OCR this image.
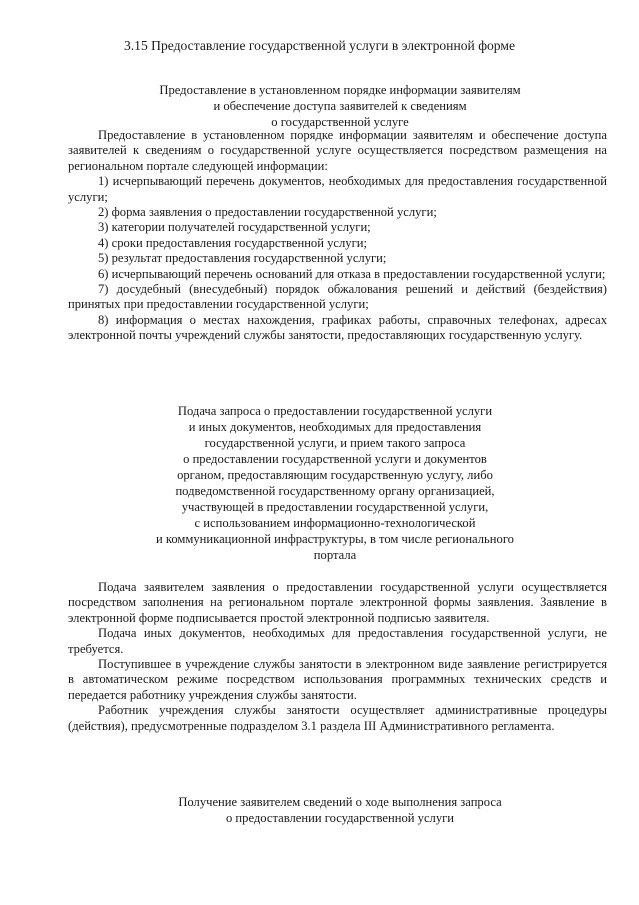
3.15 Предоставление государственной услуги в электронной форме
Предоставление в установленном порядке информации заявителям
и обеспечение доступа заявителей к сведениям
о государственной услуге

Предоставление в установленном порядке информации заявителям и обеспечение доступа заявителей к сведениям о государственной услуге осуществляется посредством размещения на региональном портале следующей информации:

1) исчерпывающий перечень документов, необходимых для предоставления государственной услуги;

2) форма заявления о предоставлении государственной услуги;

3) категории получателей государственной услуги;

4) сроки предоставления государственной услуги;

5) результат предоставления государственной услуги;

6) исчерпывающий перечень оснований для отказа в предоставлении государственной услуги;

7) досудебный (внесудебный) порядок обжалования решений и действий (бездействия) принятых при предоставлении государственной услуги;

8) информация о местах нахождения, графиках работы, справочных телефонах, адресах электронной почты учреждений службы занятости, предоставляющих государственную услугу.

Подача запроса о предоставлении государственной услуги
и иных документов, необходимых для предоставления
государственной услуги, и прием такого запроса
о предоставлении государственной услуги и документов
органом, предоставляющим государственную услугу, либо
подведомственной государственному органу организацией,
участвующей в предоставлении государственной услуги,
с использованием информационно-технологической
и коммуникационной инфраструктуры, в том числе регионального
портала

Подача заявителем заявления о предоставлении государственной услуги осуществляется посредством заполнения на региональном портале электронной формы заявления. Заявление в электронной форме подписывается простой электронной подписью заявителя.

Подача иных документов, необходимых для предоставления государственной услуги, не требуется.

Поступившее в учреждение службы занятости в электронном виде заявление регистрируется в автоматическом режиме посредством использования программных технических средств и передается работнику учреждения службы занятости.

Работник учреждения службы занятости осуществляет административные процедуры (действия), предусмотренные подразделом 3.1 раздела III Административного регламента.

Получение заявителем сведений о ходе выполнения запроса
о предоставлении государственной услуги
